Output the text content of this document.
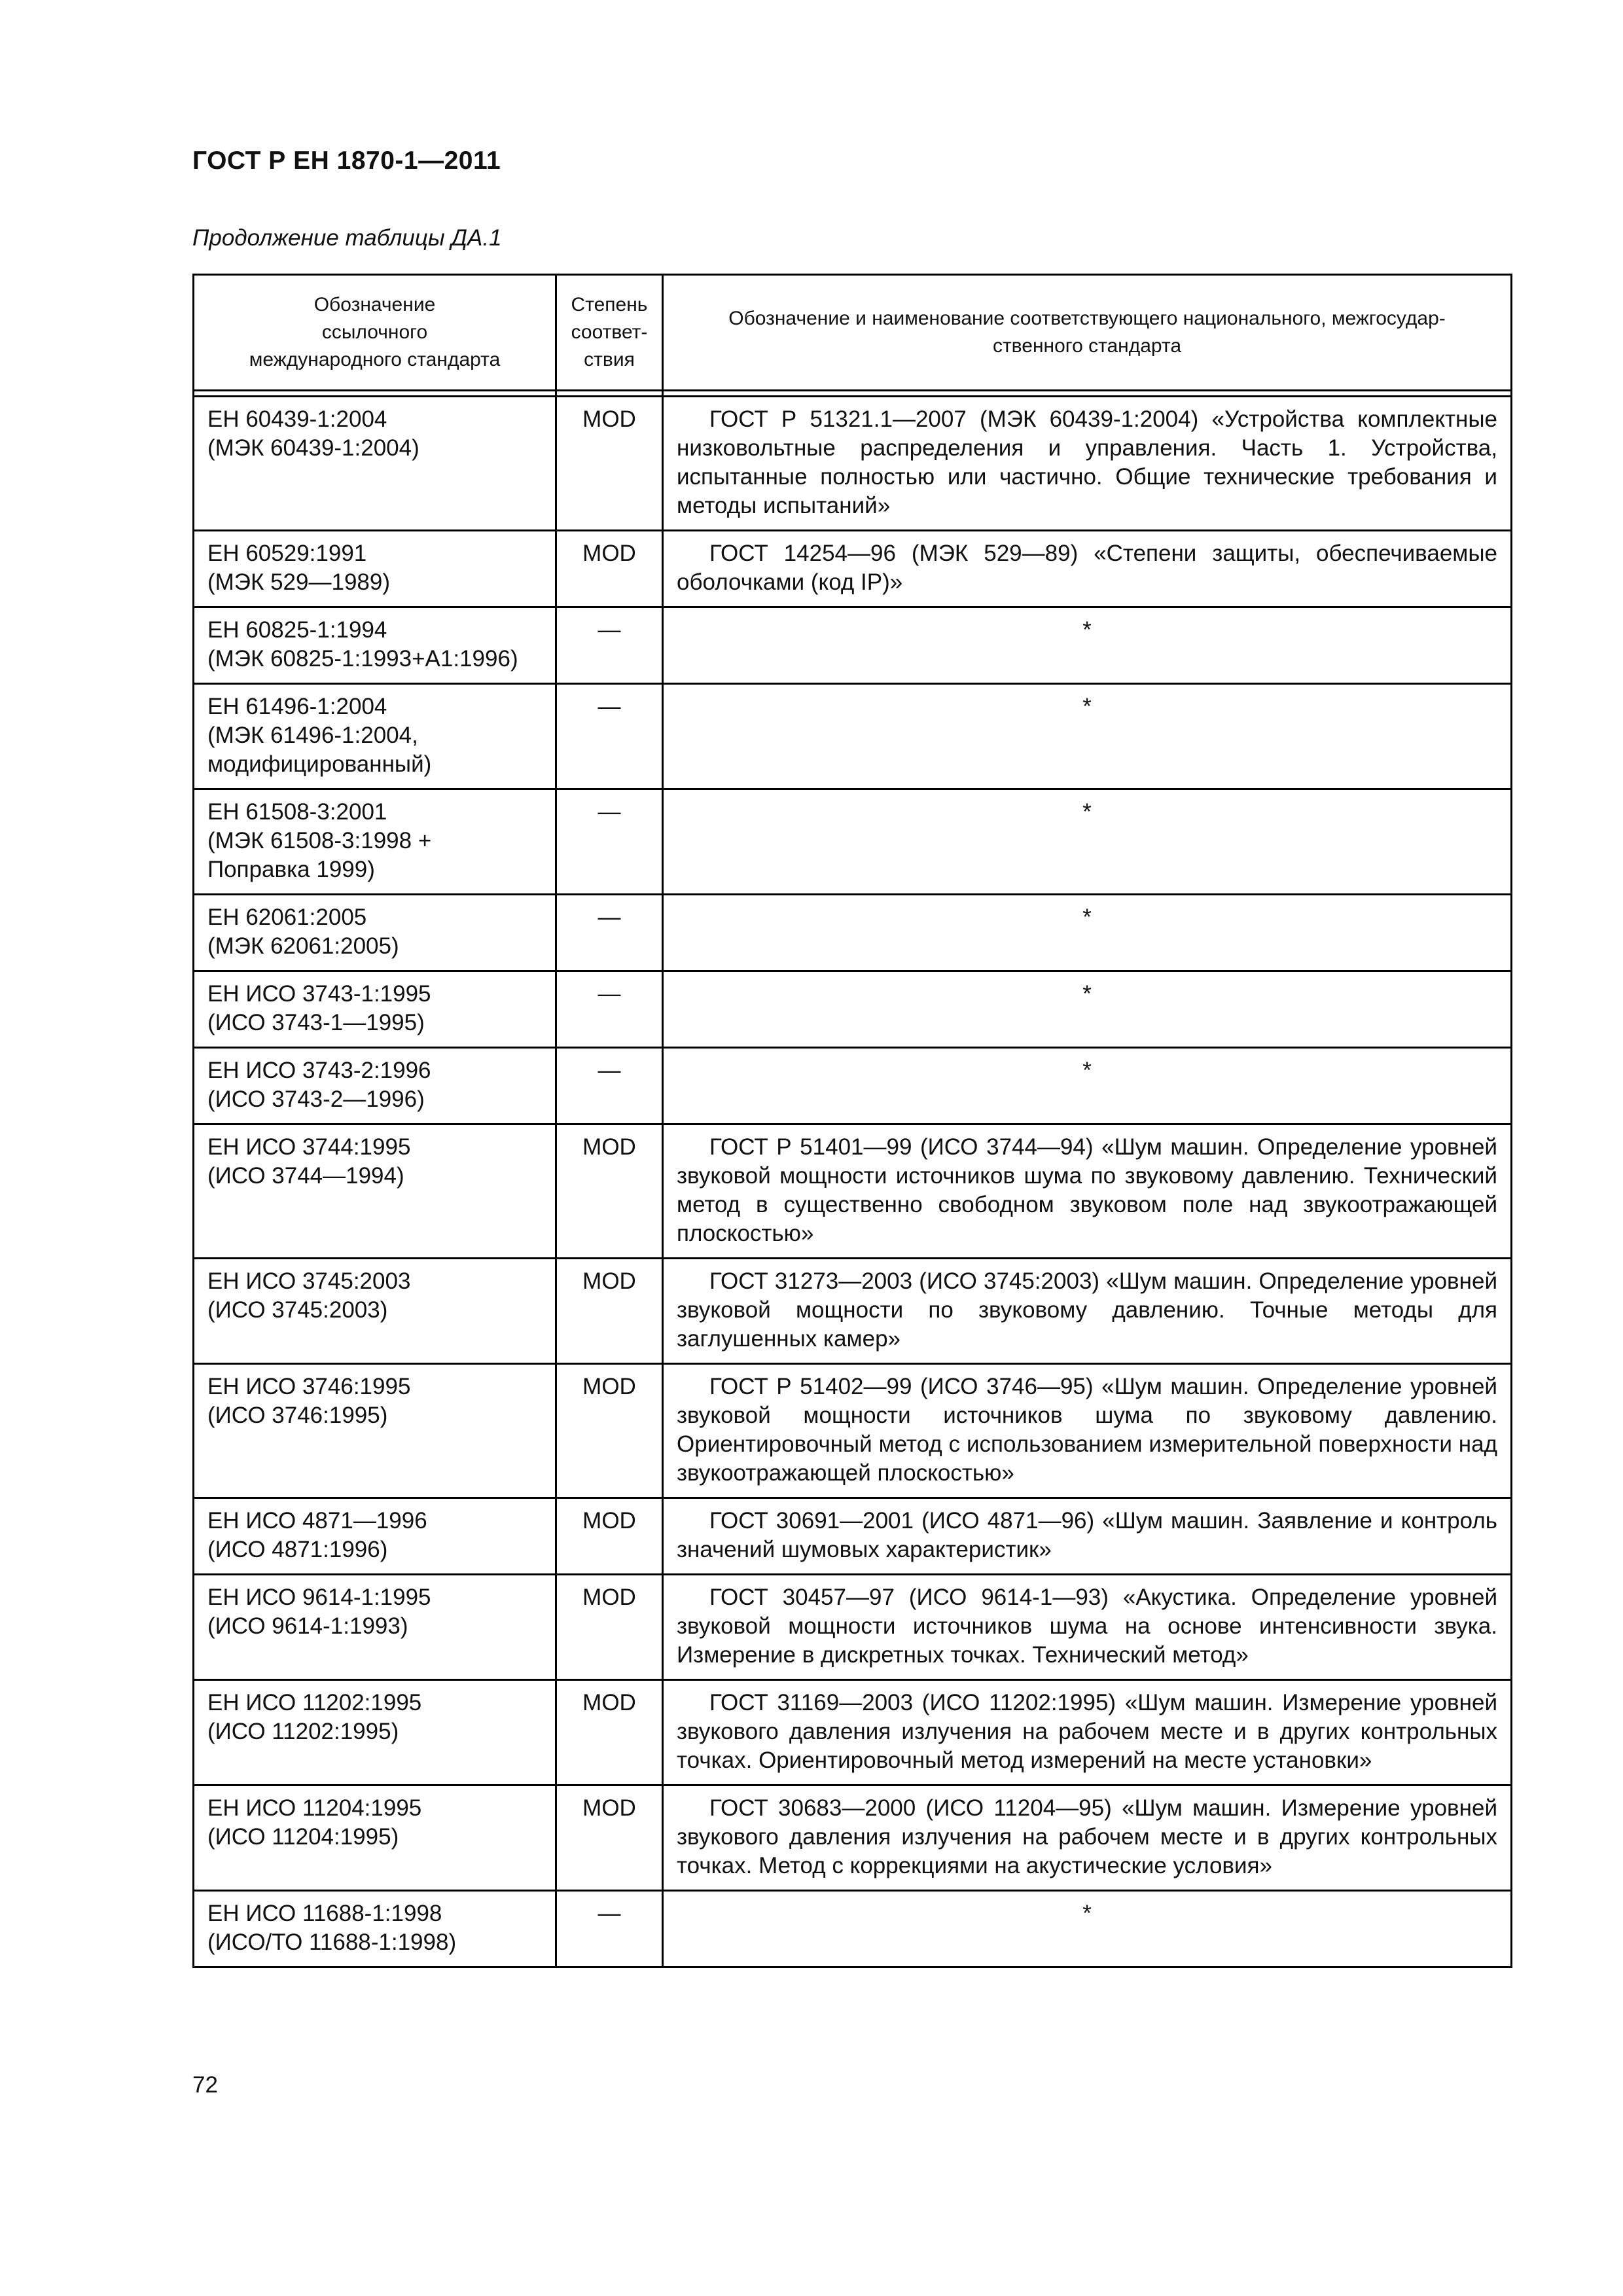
ГОСТ Р ЕН 1870-1—2011
Продолжение таблицы ДА.1
Обозначение
ссылочного
международного стандарта	Степень
соответ-
ствия	Обозначение и наименование соответствующего национального, межгосудар-
ственного стандарта

ЕН 60439-1:2004
(МЭК 60439-1:2004)	MOD	ГОСТ Р 51321.1—2007 (МЭК 60439-1:2004) «Устройства комплектные низковольтные распределения и управления. Часть 1. Устройства, испытанные полностью или частично. Общие технические требования и методы испытаний»
ЕН 60529:1991
(МЭК 529—1989)	MOD	ГОСТ 14254—96 (МЭК 529—89) «Степени защиты, обеспечиваемые оболочками (код IP)»
ЕН 60825-1:1994
(МЭК 60825-1:1993+А1:1996)	—	*
ЕН 61496-1:2004
(МЭК 61496-1:2004,
модифицированный)	—	*
ЕН 61508-3:2001
(МЭК 61508-3:1998 +
Поправка 1999)	—	*
ЕН 62061:2005
(МЭК 62061:2005)	—	*
ЕН ИСО 3743-1:1995
(ИСО 3743-1—1995)	—	*
ЕН ИСО 3743-2:1996
(ИСО 3743-2—1996)	—	*
ЕН ИСО 3744:1995
(ИСО 3744—1994)	MOD	ГОСТ Р 51401—99 (ИСО 3744—94) «Шум машин. Определение уровней звуковой мощности источников шума по звуковому давлению. Технический метод в существенно свободном звуковом поле над звукоотражающей плоскостью»
ЕН ИСО 3745:2003
(ИСО 3745:2003)	MOD	ГОСТ 31273—2003 (ИСО 3745:2003) «Шум машин. Определение уровней звуковой мощности по звуковому давлению. Точные методы для заглушенных камер»
ЕН ИСО 3746:1995
(ИСО 3746:1995)	MOD	ГОСТ Р 51402—99 (ИСО 3746—95) «Шум машин. Определение уровней звуковой мощности источников шума по звуковому давлению. Ориентировочный метод с использованием измерительной поверхности над звукоотражающей плоскостью»
ЕН ИСО 4871—1996
(ИСО 4871:1996)	MOD	ГОСТ 30691—2001 (ИСО 4871—96) «Шум машин. Заявление и контроль значений шумовых характеристик»
ЕН ИСО 9614-1:1995
(ИСО 9614-1:1993)	MOD	ГОСТ 30457—97 (ИСО 9614-1—93) «Акустика. Определение уровней звуковой мощности источников шума на основе интенсивности звука. Измерение в дискретных точках. Технический метод»
ЕН ИСО 11202:1995
(ИСО 11202:1995)	MOD	ГОСТ 31169—2003 (ИСО 11202:1995) «Шум машин. Измерение уровней звукового давления излучения на рабочем месте и в других контрольных точках. Ориентировочный метод измерений на месте установки»
ЕН ИСО 11204:1995
(ИСО 11204:1995)	MOD	ГОСТ 30683—2000 (ИСО 11204—95) «Шум машин. Измерение уровней звукового давления излучения на рабочем месте и в других контрольных точках. Метод с коррекциями на акустические условия»
ЕН ИСО 11688-1:1998
(ИСО/ТО 11688-1:1998)	—	*
72
